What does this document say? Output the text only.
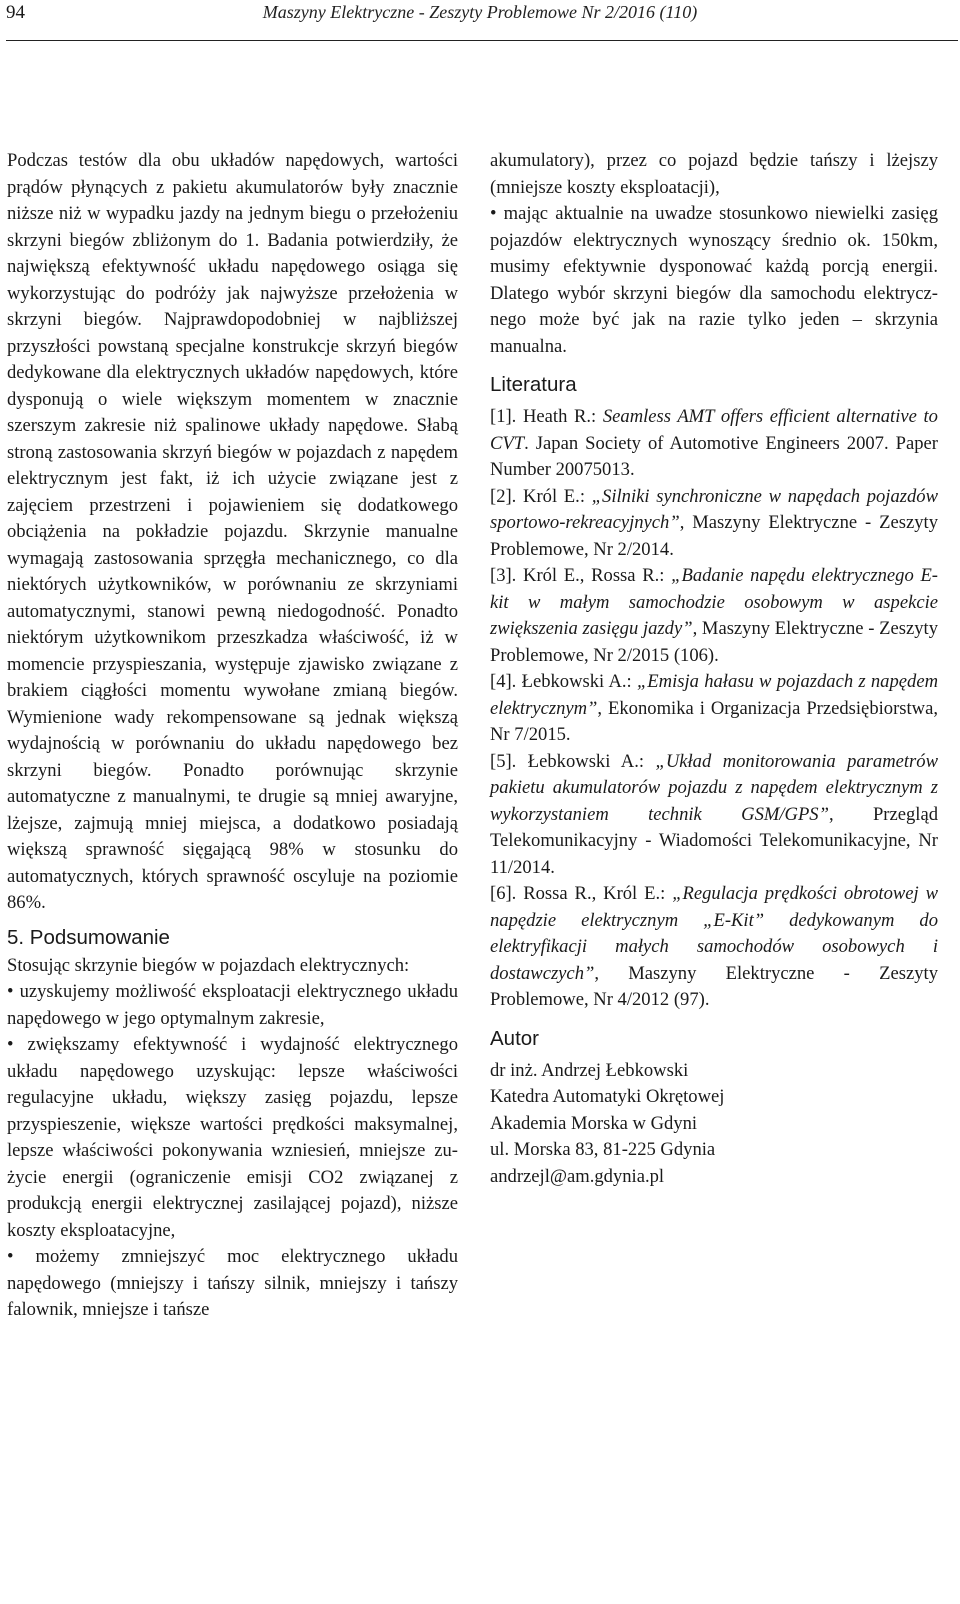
94	Maszyny Elektryczne - Zeszyty Problemowe Nr 2/2016 (110)

Podczas testów dla obu układów napędowych, wartości prądów płynących z pakietu akumulatorów były znacznie niższe niż w wypadku jazdy na jednym biegu o przełożeniu skrzyni biegów zbliżonym do 1. Badania potwierdziły, że największą efektywność układu napędowego osiąga się wykorzystując do podróży jak najwyższe przełożenia w skrzyni biegów. Najprawdopodobniej w najbliższej przyszłości powstaną specjalne konstrukcje skrzyń biegów dedykowane dla elektrycznych układów napędowych, które dysponują o wiele większym momentem w znacznie szerszym zakresie niż spalinowe układy napędowe. Słabą stroną zastosowania skrzyń biegów w pojazdach z napędem elektrycznym jest fakt, iż ich użycie związane jest z zajęciem przestrzeni i pojawieniem się dodatkowego obciążenia na pokładzie pojazdu. Skrzynie manualne wymagają zastosowania sprzęgła mechanicznego, co dla niektórych użytkowników, w porównaniu ze skrzyniami automatycznymi, stanowi pewną niedogodność. Ponadto niektórym użytkownikom przeszkadza właściwość, iż w momencie przyspieszania, występuje zjawisko związane z brakiem ciągłości momentu wywołane zmianą biegów. Wymienione wady rekompensowane są jednak większą wydajnością w porównaniu do układu napędowego bez skrzyni biegów. Ponadto porównując skrzynie automatyczne z manualnymi, te drugie są mniej awaryjne, lżejsze, zajmują mniej miejsca, a dodatkowo posiadają większą sprawność sięgającą 98% w stosunku do automatycznych, których sprawność oscyluje na poziomie 86%.

5. Podsumowanie

Stosując skrzynie biegów w pojazdach elektrycznych:

• uzyskujemy możliwość eksploatacji elektrycznego układu napędowego w jego optymalnym zakresie,

• zwiększamy efektywność i wydajność elektrycznego układu napędowego uzyskując: lepsze właściwości regulacyjne układu, większy zasięg pojazdu, lepsze przyspieszenie, większe wartości prędkości maksymalnej, lepsze właściwości pokonywania wzniesień, mniejsze zużycie energii (ograniczenie emisji CO2 związanej z produkcją energii elektrycznej zasilającej pojazd), niższe koszty eksploatacyjne,

• możemy zmniejszyć moc elektrycznego układu napędowego (mniejszy i tańszy silnik, mniejszy i tańszy falownik, mniejsze i tańsze

akumulatory), przez co pojazd będzie tańszy i lżejszy (mniejsze koszty eksploatacji),

• mając aktualnie na uwadze stosunkowo niewielki zasięg pojazdów elektrycznych wynoszący średnio ok. 150km, musimy efektywnie dysponować każdą porcją energii. Dlatego wybór skrzyni biegów dla samochodu elektrycznego może być jak na razie tylko jeden – skrzynia manualna.

Literatura

[1]. Heath R.: Seamless AMT offers efficient alternative to CVT. Japan Society of Automotive Engineers 2007. Paper Number 20075013.

[2]. Król E.: „Silniki synchroniczne w napędach pojazdów sportowo-rekreacyjnych”, Maszyny Elektryczne - Zeszyty Problemowe, Nr 2/2014.

[3]. Król E., Rossa R.: „Badanie napędu elektrycznego E-kit w małym samochodzie osobowym w aspekcie zwiększenia zasięgu jazdy”, Maszyny Elektryczne - Zeszyty Problemowe, Nr 2/2015 (106).

[4]. Łebkowski A.: „Emisja hałasu w pojazdach z napędem elektrycznym”, Ekonomika i Organizacja Przedsiębiorstwa, Nr 7/2015.

[5]. Łebkowski A.: „Układ monitorowania parametrów pakietu akumulatorów pojazdu z napędem elektrycznym z wykorzystaniem technik GSM/GPS”, Przegląd Telekomunikacyjny - Wiadomości Telekomunikacyjne, Nr 11/2014.

[6]. Rossa R., Król E.: „Regulacja prędkości obrotowej w napędzie elektrycznym „E-Kit” dedykowanym do elektryfikacji małych samochodów osobowych i dostawczych”, Maszyny Elektryczne - Zeszyty Problemowe, Nr 4/2012 (97).

Autor

dr inż. Andrzej Łebkowski

Katedra Automatyki Okrętowej

Akademia Morska w Gdyni

ul. Morska 83, 81-225 Gdynia

andrzejl@am.gdynia.pl
